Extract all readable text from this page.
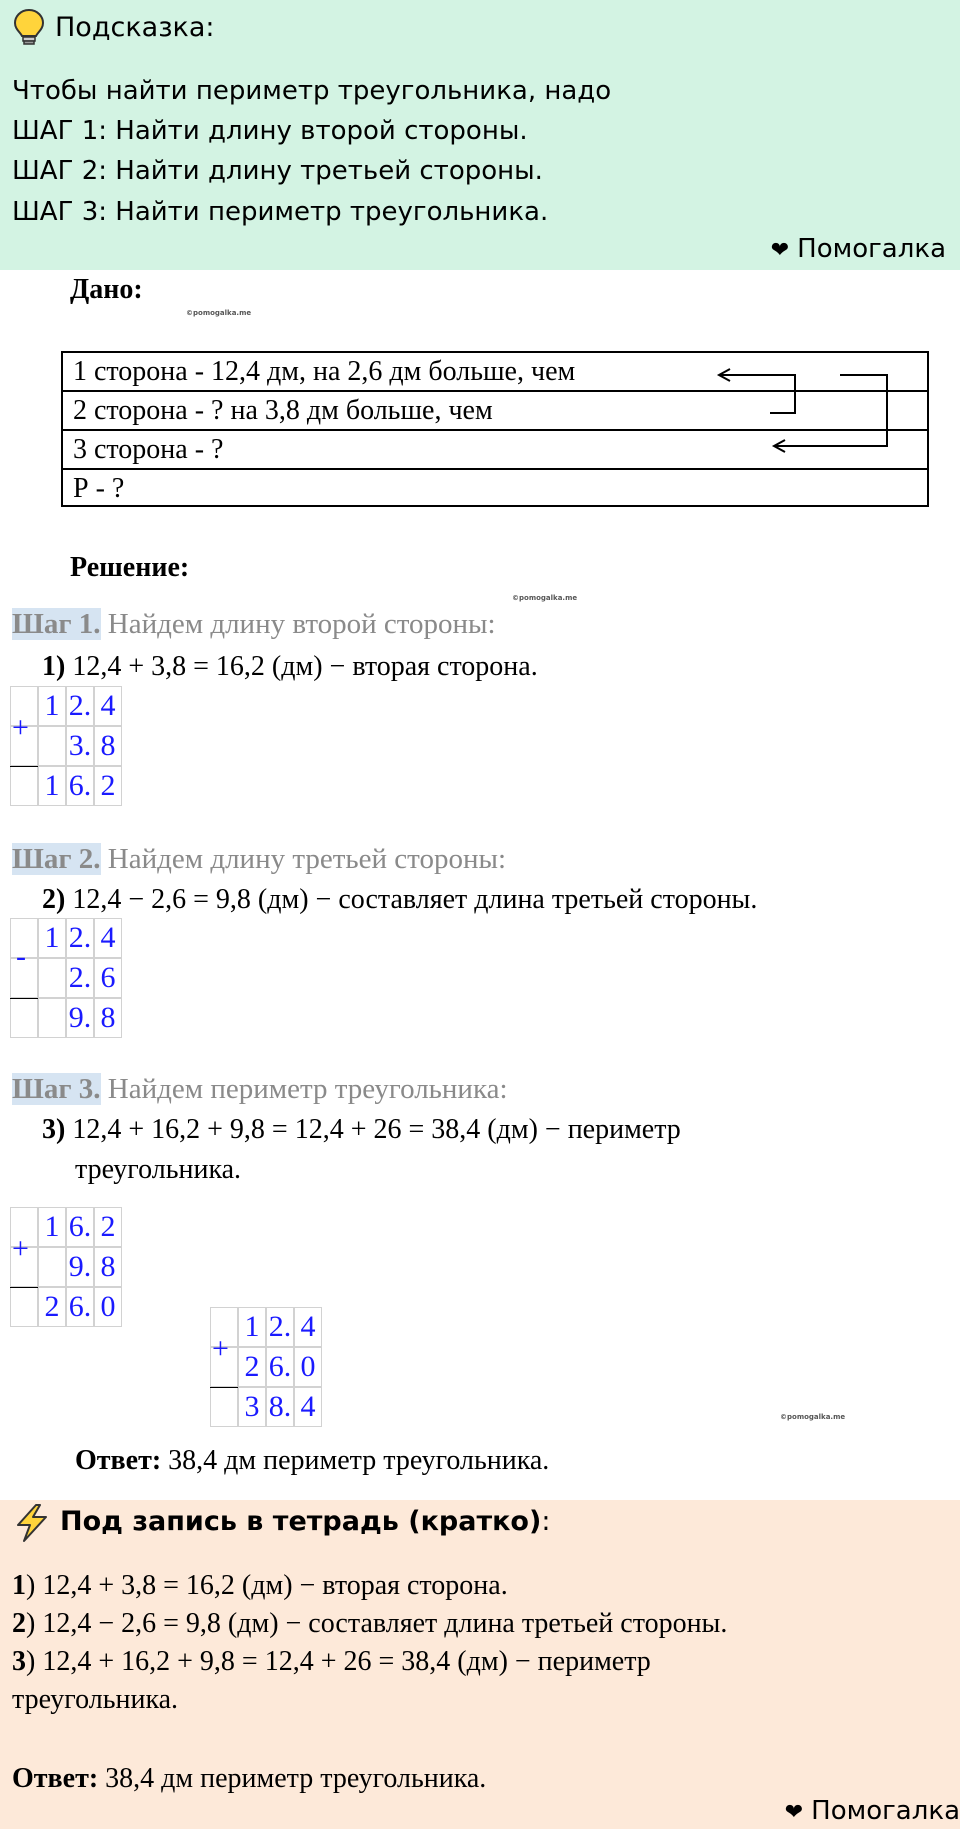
Подсказка:
Чтобы найти периметр треугольника, надо
ШАГ 1: Найти длину второй стороны.
ШАГ 2: Найти длину третьей стороны.
ШАГ 3: Найти периметр треугольника.
❤ Помогалка
Дано:
©pomogalka.me
1 сторона - 12,4 дм, на 2,6 дм больше, чем
2 сторона - ? на 3,8 дм больше, чем
3 сторона - ?
Р - ?
Решение:
©pomogalka.me
Шаг 1. Найдем длину второй стороны:
1) 12,4 + 3,8 = 16,2 (дм) − вторая сторона.
+
1 2. 4
3. 8
1 6. 2
Шаг 2. Найдем длину третьей стороны:
2) 12,4 − 2,6 = 9,8 (дм) − составляет длина третьей стороны.
-
1 2. 4
2. 6
9. 8
Шаг 3. Найдем периметр треугольника:
3) 12,4 + 16,2 + 9,8 = 12,4 + 26 = 38,4 (дм) − периметр
треугольника.
+
1 6. 2
9. 8
2 6. 0
+
1 2. 4
2 6. 0
3 8. 4	©pomogalka.me
Ответ: 38,4 дм периметр треугольника.
Под запись в тетрадь (кратко):
1) 12,4 + 3,8 = 16,2 (дм) − вторая сторона.
2) 12,4 − 2,6 = 9,8 (дм) − составляет длина третьей стороны.
3) 12,4 + 16,2 + 9,8 = 12,4 + 26 = 38,4 (дм) − периметр
треугольника.
Ответ: 38,4 дм периметр треугольника.
❤ Помогалка
